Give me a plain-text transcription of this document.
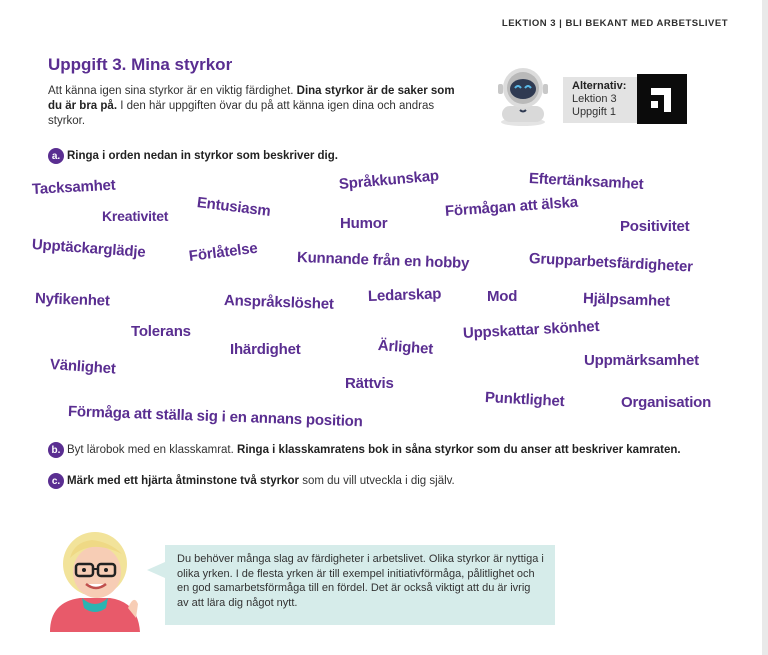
LEKTION 3 | BLI BEKANT MED ARBETSLIVET
Uppgift 3. Mina styrkor
Att känna igen sina styrkor är en viktig färdighet. Dina styrkor är de saker som du är bra på. I den här uppgiften övar du på att känna igen dina och andras styrkor.
Alternativ:
Lektion 3
Uppgift 1
a. Ringa i orden nedan in styrkor som beskriver dig.
Tacksamhet
Kreativitet Entusiasm
Språkkunskap
Humor
Eftertänksamhet
Förmågan att älska
Positivitet
Upptäckarglädje	Förlåtelse	Kunnande från en hobby	Grupparbetsfärdigheter
Nyfikenhet	Anspråkslöshet Ledarskap	Mod	Hjälpsamhet
Tolerans
Ihärdighet	Ärlighet
Uppskattar skönhet
Vänlighet	Uppmärksamhet
Rättvis
Punktlighet	Organisation
Förmåga att ställa sig i en annans position
b. Byt lärobok med en klasskamrat.
Ringa i klasskamratens bok in såna styrkor som du anser att beskriver kamraten.
c. Märk med ett hjärta åtminstone två styrkor
som du vill utveckla i dig själv.
Du behöver många slag av färdigheter i arbetslivet. Olika styrkor är nyttiga i olika yrken. I de flesta yrken är till exempel initiativförmåga, pålitlighet och en god samarbetsförmåga till en fördel. Det är också viktigt att du är ivrig av att lära dig något nytt.
